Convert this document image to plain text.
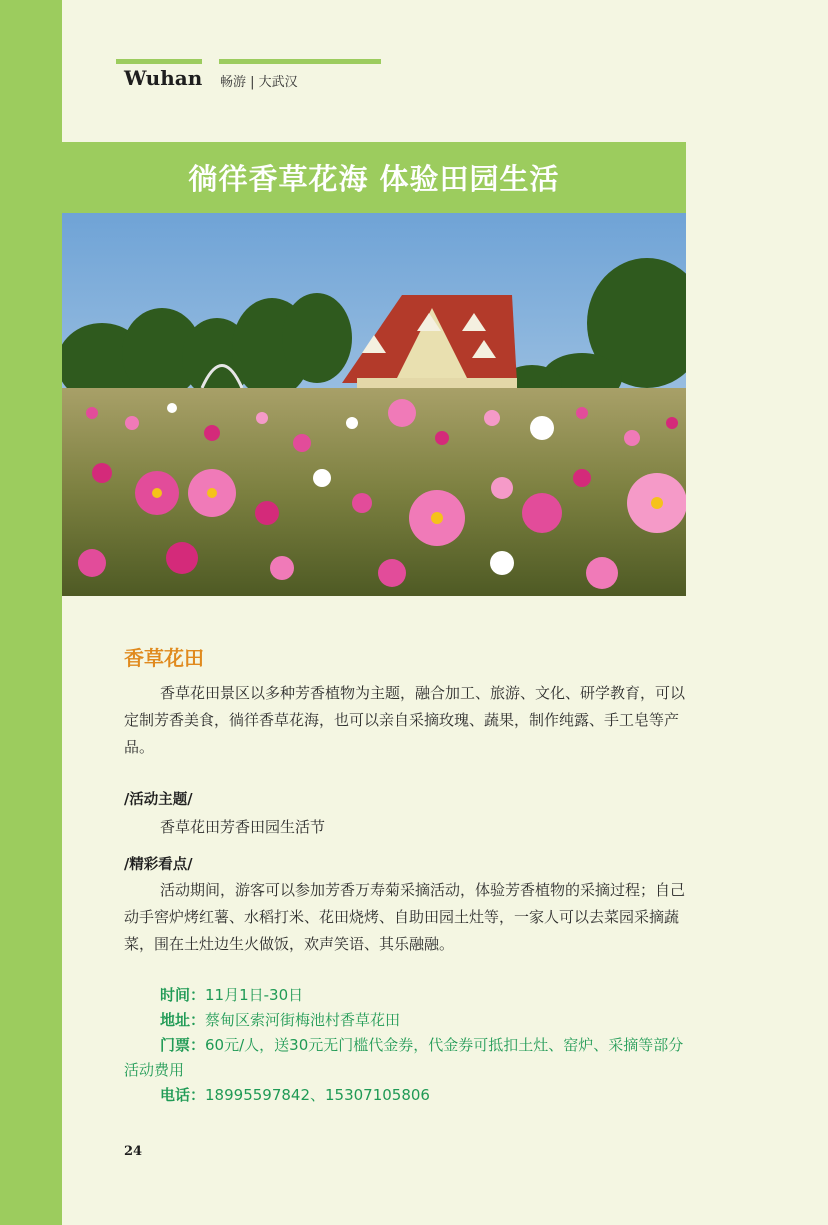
Wuhan 畅游 | 大武汉
徜徉香草花海 体验田园生活
香草花田

香草花田景区以多种芳香植物为主题，融合加工、旅游、文化、研学教育，可以定制芳香美食，徜徉香草花海，也可以亲自采摘玫瑰、蔬果，制作纯露、手工皂等产品。

/活动主题/
香草花田芳香田园生活节
/精彩看点/

活动期间，游客可以参加芳香万寿菊采摘活动，体验芳香植物的采摘过程；自己动手窖炉烤红薯、水稻打米、花田烧烤、自助田园土灶等，一家人可以去菜园采摘蔬菜，围在土灶边生火做饭，欢声笑语、其乐融融。

时间：11月1日-30日
地址：蔡甸区索河街梅池村香草花田
门票：60元/人，送30元无门槛代金券，代金券可抵扣土灶、窑炉、采摘等部分活动费用
电话：18995597842、15307105806
24
